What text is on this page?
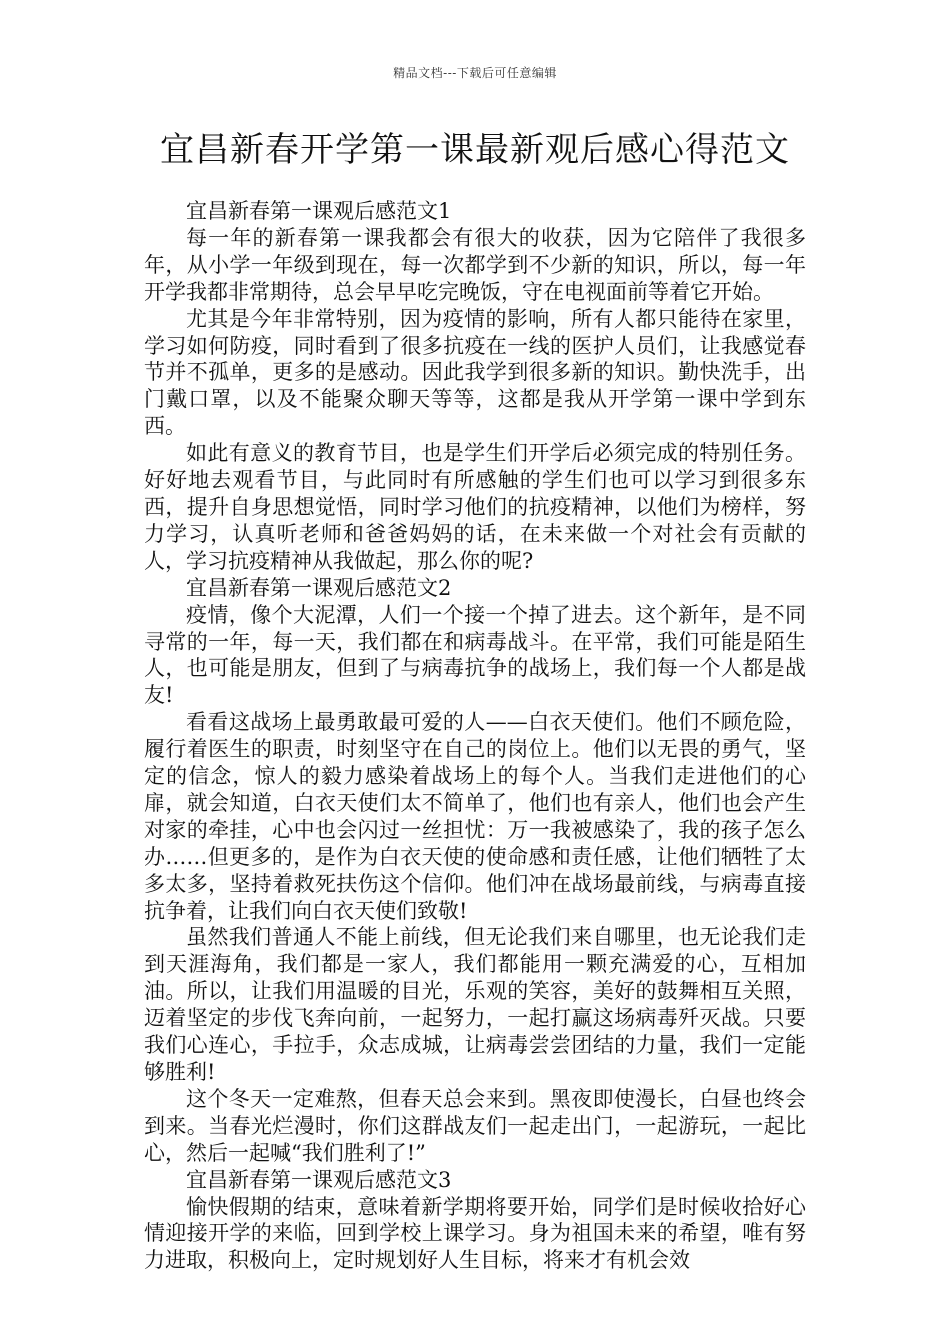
精品文档---下载后可任意编辑
宜昌新春开学第一课最新观后感心得范文

宜昌新春第一课观后感范文1

每一年的新春第一课我都会有很大的收获，因为它陪伴了我很多年，从小学一年级到现在，每一次都学到不少新的知识，所以，每一年开学我都非常期待，总会早早吃完晚饭，守在电视面前等着它开始。

尤其是今年非常特别，因为疫情的影响，所有人都只能待在家里，学习如何防疫，同时看到了很多抗疫在一线的医护人员们，让我感觉春节并不孤单，更多的是感动。因此我学到很多新的知识。勤快洗手，出门戴口罩，以及不能聚众聊天等等，这都是我从开学第一课中学到东西。

如此有意义的教育节目，也是学生们开学后必须完成的特别任务。好好地去观看节目，与此同时有所感触的学生们也可以学习到很多东西，提升自身思想觉悟，同时学习他们的抗疫精神，以他们为榜样，努力学习，认真听老师和爸爸妈妈的话，在未来做一个对社会有贡献的人，学习抗疫精神从我做起，那么你的呢?

宜昌新春第一课观后感范文2

疫情，像个大泥潭，人们一个接一个掉了进去。这个新年，是不同寻常的一年，每一天，我们都在和病毒战斗。在平常，我们可能是陌生人，也可能是朋友，但到了与病毒抗争的战场上，我们每一个人都是战友!

看看这战场上最勇敢最可爱的人——白衣天使们。他们不顾危险，履行着医生的职责，时刻坚守在自己的岗位上。他们以无畏的勇气，坚定的信念，惊人的毅力感染着战场上的每个人。当我们走进他们的心扉，就会知道，白衣天使们太不简单了，他们也有亲人，他们也会产生对家的牵挂，心中也会闪过一丝担忧：万一我被感染了，我的孩子怎么办……但更多的，是作为白衣天使的使命感和责任感，让他们牺牲了太多太多，坚持着救死扶伤这个信仰。他们冲在战场最前线，与病毒直接抗争着，让我们向白衣天使们致敬!

虽然我们普通人不能上前线，但无论我们来自哪里，也无论我们走到天涯海角，我们都是一家人，我们都能用一颗充满爱的心，互相加油。所以，让我们用温暖的目光，乐观的笑容，美好的鼓舞相互关照，迈着坚定的步伐飞奔向前，一起努力，一起打赢这场病毒歼灭战。只要我们心连心，手拉手，众志成城，让病毒尝尝团结的力量，我们一定能够胜利!

这个冬天一定难熬，但春天总会来到。黑夜即使漫长，白昼也终会到来。当春光烂漫时，你们这群战友们一起走出门，一起游玩，一起比心，然后一起喊“我们胜利了!”

宜昌新春第一课观后感范文3

愉快假期的结束，意味着新学期将要开始，同学们是时候收拾好心情迎接开学的来临，回到学校上课学习。身为祖国未来的希望，唯有努力进取，积极向上，定时规划好人生目标，将来才有机会效
